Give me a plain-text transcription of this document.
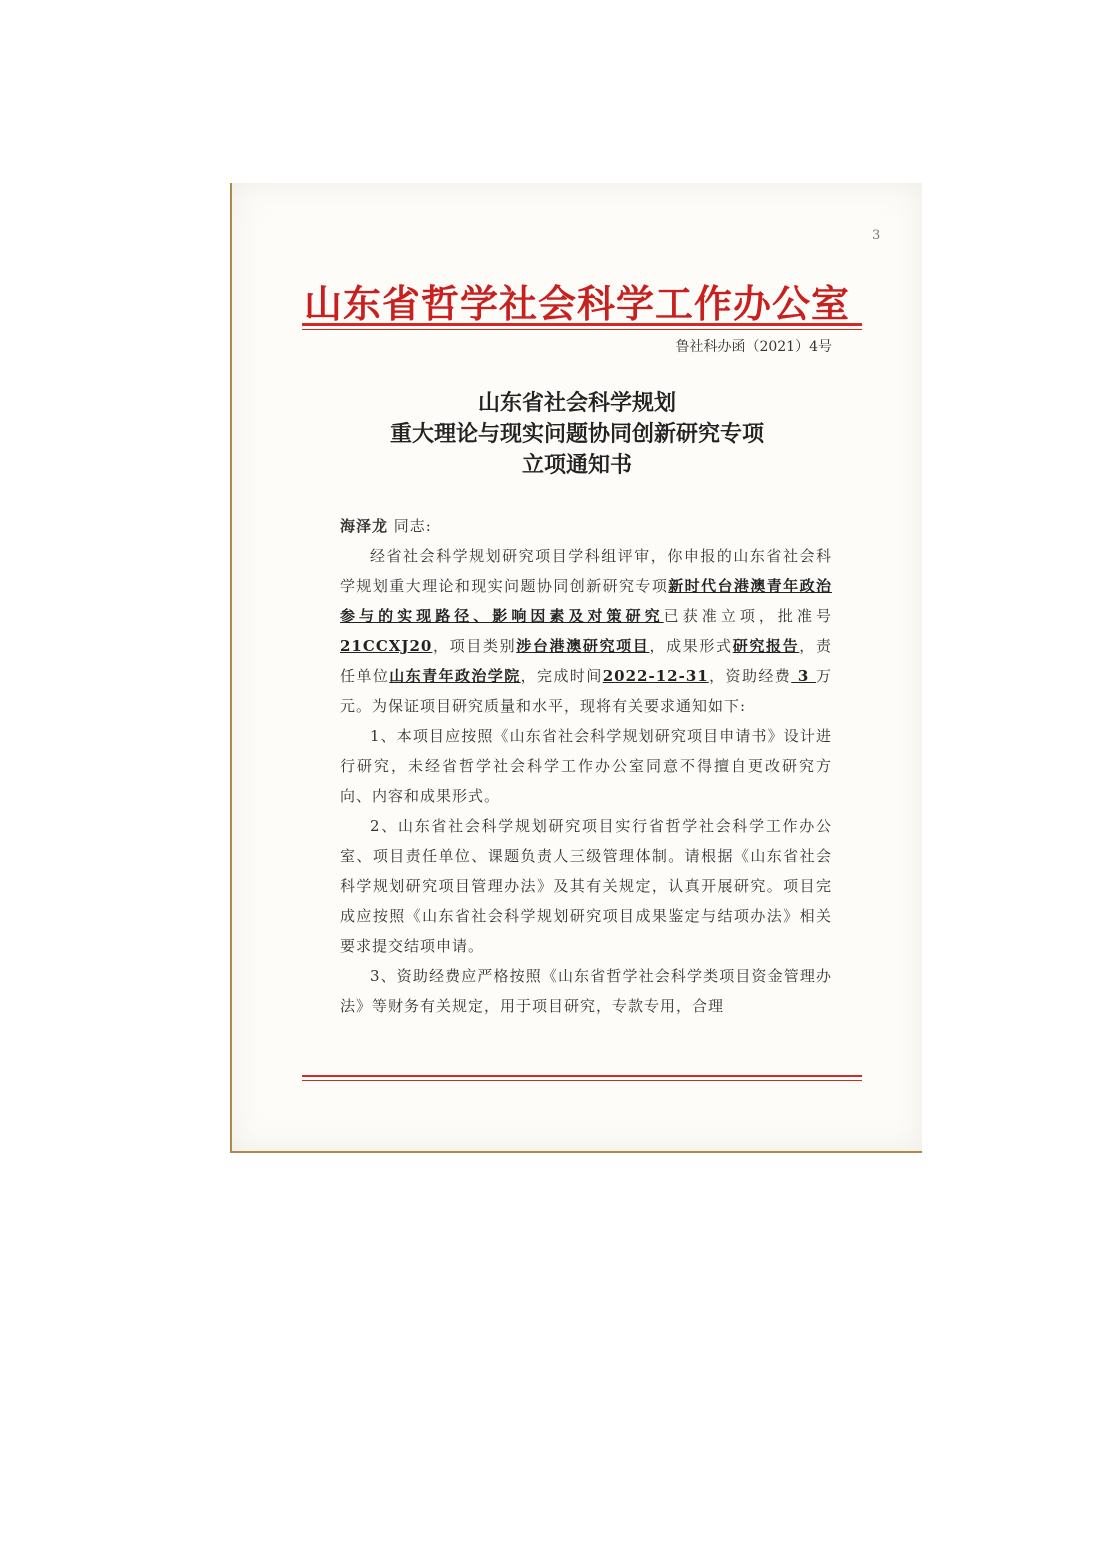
3
山东省哲学社会科学工作办公室
鲁社科办函（2021）4号
山东省社会科学规划
重大理论与现实问题协同创新研究专项
立项通知书

海泽龙 同志:

经省社会科学规划研究项目学科组评审，你申报的山东省社会科学规划重大理论和现实问题协同创新研究专项新时代台港澳青年政治参与的实现路径、影响因素及对策研究已获准立项，批准号21CCXJ20，项目类别涉台港澳研究项目，成果形式研究报告，责任单位山东青年政治学院，完成时间2022-12-31，资助经费 3 万元。为保证项目研究质量和水平，现将有关要求通知如下:

1、本项目应按照《山东省社会科学规划研究项目申请书》设计进行研究，未经省哲学社会科学工作办公室同意不得擅自更改研究方向、内容和成果形式。

2、山东省社会科学规划研究项目实行省哲学社会科学工作办公室、项目责任单位、课题负责人三级管理体制。请根据《山东省社会科学规划研究项目管理办法》及其有关规定，认真开展研究。项目完成应按照《山东省社会科学规划研究项目成果鉴定与结项办法》相关要求提交结项申请。

3、资助经费应严格按照《山东省哲学社会科学类项目资金管理办法》等财务有关规定，用于项目研究，专款专用，合理
